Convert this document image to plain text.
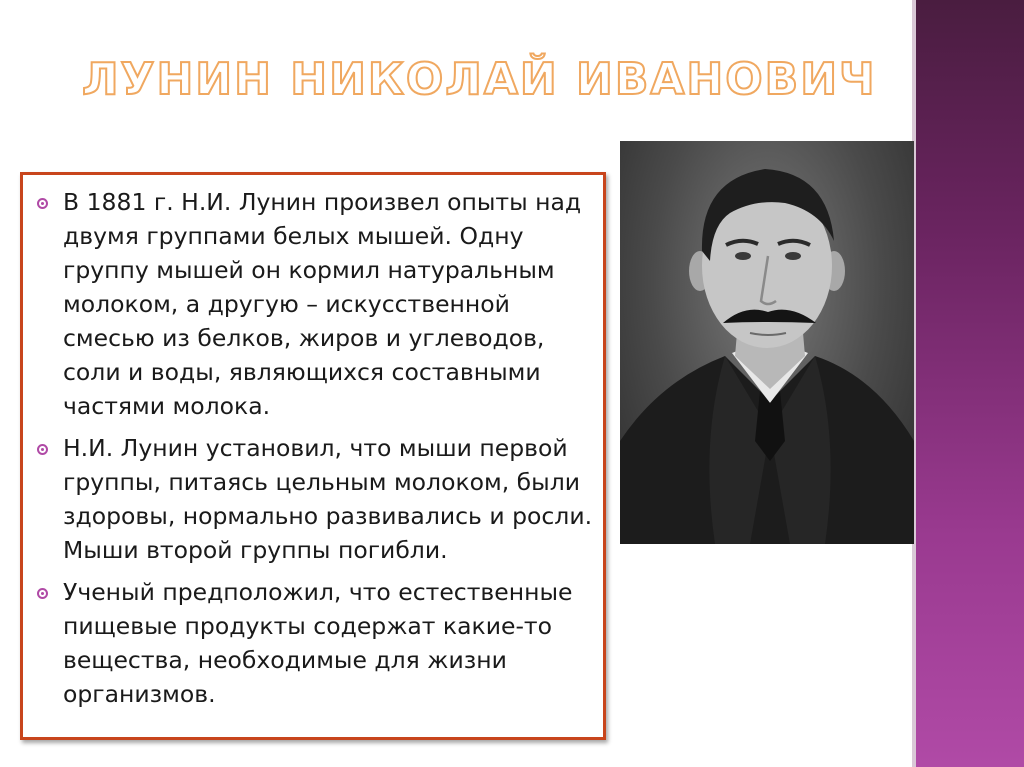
ЛУНИН НИКОЛАЙ ИВАНОВИЧ
В 1881 г. Н.И. Лунин произвел опыты над двумя группами белых мышей. Одну группу мышей он кормил натуральным молоком, а другую – искусственной смесью из белков, жиров и углеводов, соли и воды, являющихся составными частями молока.
Н.И. Лунин установил, что мыши первой группы, питаясь цельным молоком, были здоровы, нормально развивались и росли. Мыши второй группы погибли.
Ученый предположил, что естественные пищевые продукты содержат какие-то вещества, необходимые для жизни организмов.
